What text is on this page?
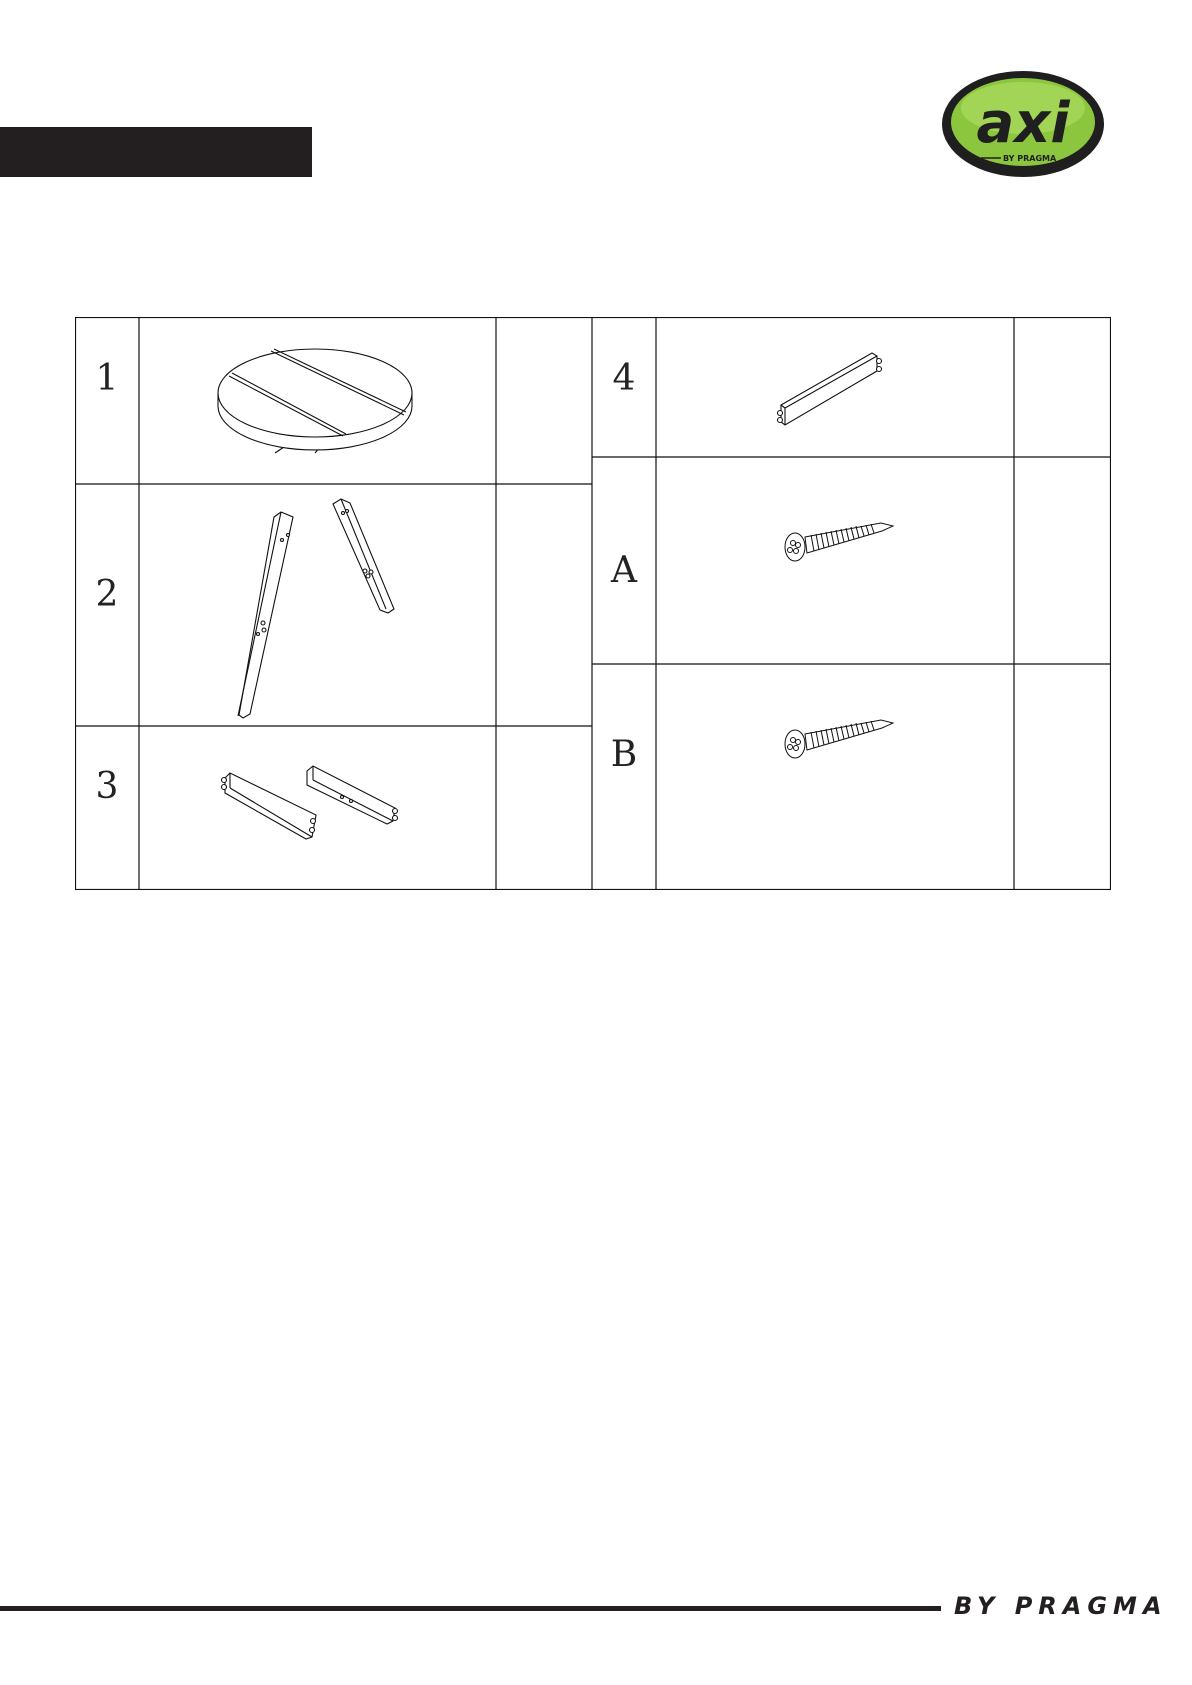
axi
BY PRAGMA
1
2
3
4
A
B
BY PRAGMA
